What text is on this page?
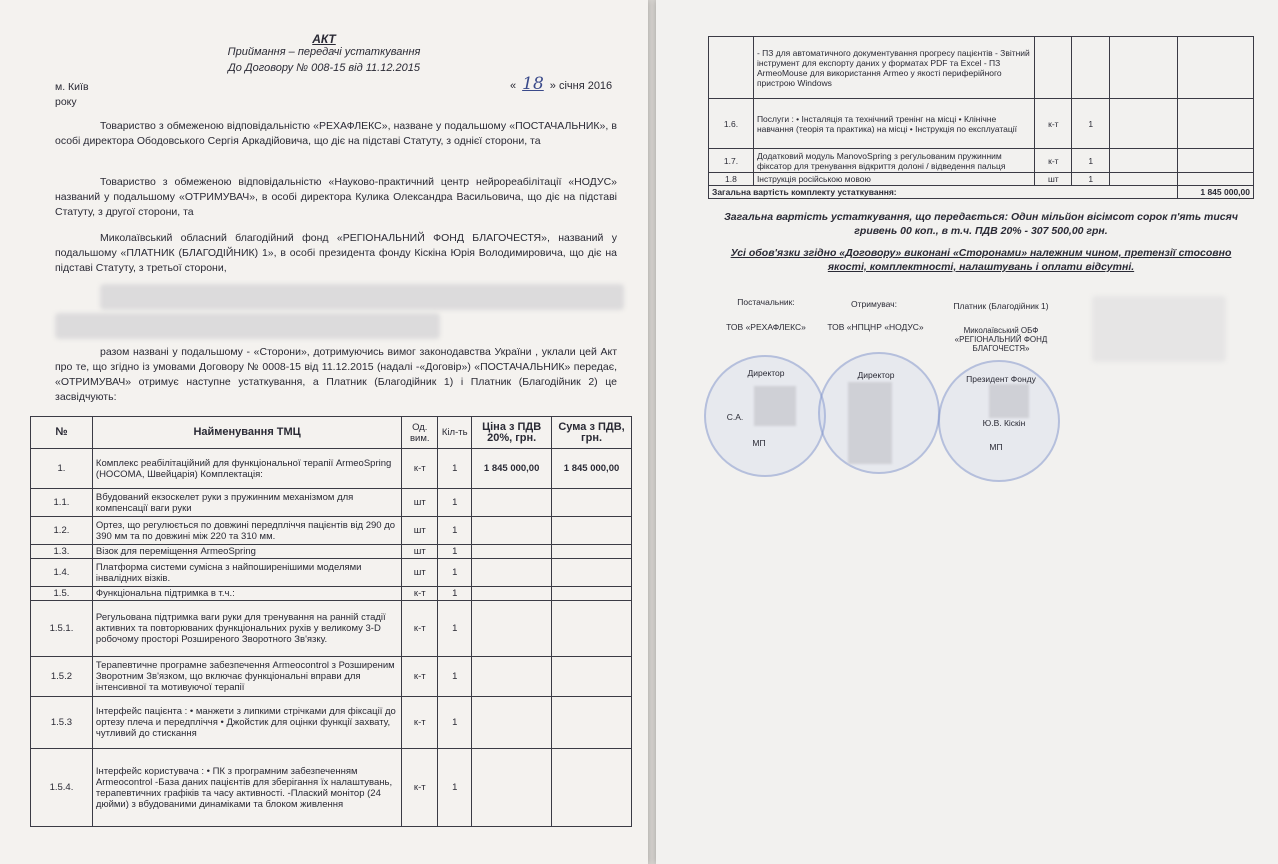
АКТ
Приймання – передачі устаткування
До Договору № 008-15 від 11.12.2015
м. Київ
року
« 18 » січня 2016
Товариство з обмеженою відповідальністю «РЕХАФЛЕКС», назване у подальшому «ПОСТАЧАЛЬНИК», в особі директора Ободовського Сергія Аркадійовича, що діє на підставі Статуту, з однієї сторони, та
Товариство з обмеженою відповідальністю «Науково-практичний центр нейрореабілітації «НОДУС» названий у подальшому «ОТРИМУВАЧ», в особі директора Кулика Олександра Васильовича, що діє на підставі Статуту, з другої сторони, та
Миколаївський обласний благодійний фонд «РЕГІОНАЛЬНИЙ ФОНД БЛАГОЧЕСТЯ», названий у подальшому «ПЛАТНИК (БЛАГОДІЙНИК) 1», в особі президента фонду Кіскіна Юрія Володимировича, що діє на підставі Статуту, з третьої сторони,
разом названі у подальшому - «Сторони», дотримуючись вимог законодавства України , уклали цей Акт про те, що згідно із умовами Договору № 0008-15 від 11.12.2015 (надалі -«Договір») «ПОСТАЧАЛЬНИК» передає, «ОТРИМУВАЧ» отримує наступне устаткування, а Платник (Благодійник 1) і Платник (Благодійник 2) це засвідчують:
№	Найменування ТМЦ	Од. вим.	Кіл-ть	Ціна з ПДВ 20%, грн.	Сума з ПДВ, грн.
1.	Комплекс реабілітаційний для функціональної терапії ArmeoSpring (HOCOMA, Швейцарія) Комплектація:	к-т	1	1 845 000,00	1 845 000,00
1.1.	Вбудований екзоскелет руки з пружинним механізмом для компенсації ваги руки	шт	1		
1.2.	Ортез, що регулюється по довжині передпліччя пацієнтів від 290 до 390 мм та по довжині між 220 та 310 мм.	шт	1		
1.3.	Візок для переміщення ArmeoSpring	шт	1		
1.4.	Платформа системи сумісна з найпоширенішими моделями інвалідних візків.	шт	1		
1.5.	Функціональна підтримка в т.ч.:	к-т	1		
1.5.1.	Регульована підтримка ваги руки для тренування на ранній стадії активних та повторюваних функціональних рухів у великому 3-D робочому просторі Розширеного Зворотного Зв'язку.	к-т	1		
1.5.2	Терапевтичне програмне забезпечення Armeocontrol з Розширеним Зворотним Зв'язком, що включає функціональні вправи для інтенсивної та мотивуючої терапії	к-т	1		
1.5.3	Інтерфейс пацієнта : • манжети з липкими стрічками для фіксації до ортезу плеча и передпліччя • Джойстик для оцінки функції захвату, чутливий до стискання	к-т	1		
1.5.4.	Інтерфейс користувача : • ПК з програмним забезпеченням Armeocontrol -База даних пацієнтів для зберігання їх налаштувань, терапевтичних графіків та часу активності. -Плаский монітор (24 дюйми) з вбудованими динаміками та блоком живлення	к-т	1		
	- ПЗ для автоматичного документування прогресу пацієнтів - Звітний інструмент для експорту даних у форматах PDF та Excel - ПЗ ArmeoMouse для використання Armeo у якості периферійного пристрою Windows				
1.6.	Послуги : • Інсталяція та технічний тренінг на місці • Клінічне навчання (теорія та практика) на місці • Інструкція по експлуатації	к-т	1		
1.7.	Додатковий модуль ManovoSpring з регульованим пружинним фіксатор для тренування відкриття долоні / відведення пальця	к-т	1		
1.8	Інструкція російською мовою	шт	1		
Загальна вартість комплекту устаткування:					1 845 000,00
Загальна вартість устаткування, що передається: Один мільйон вісімсот сорок п'ять тисяч гривень 00 коп., в т.ч. ПДВ 20% - 307 500,00 грн.
Усі обов'язки згідно «Договору» виконані «Сторонами» належним чином, претензії стосовно якості, комплектності, налаштувань і оплати відсутні.
Постачальник:
ТОВ «РЕХАФЛЕКС»
Отримувач:
ТОВ «НПЦНР «НОДУС»
Платник (Благодійник 1)
Миколаївський ОБФ «РЕГІОНАЛЬНИЙ ФОНД БЛАГОЧЕСТЯ»
Директор	Директор	Президент Фонду
С.А.
Ю.В. Кіскін
МП	МП
